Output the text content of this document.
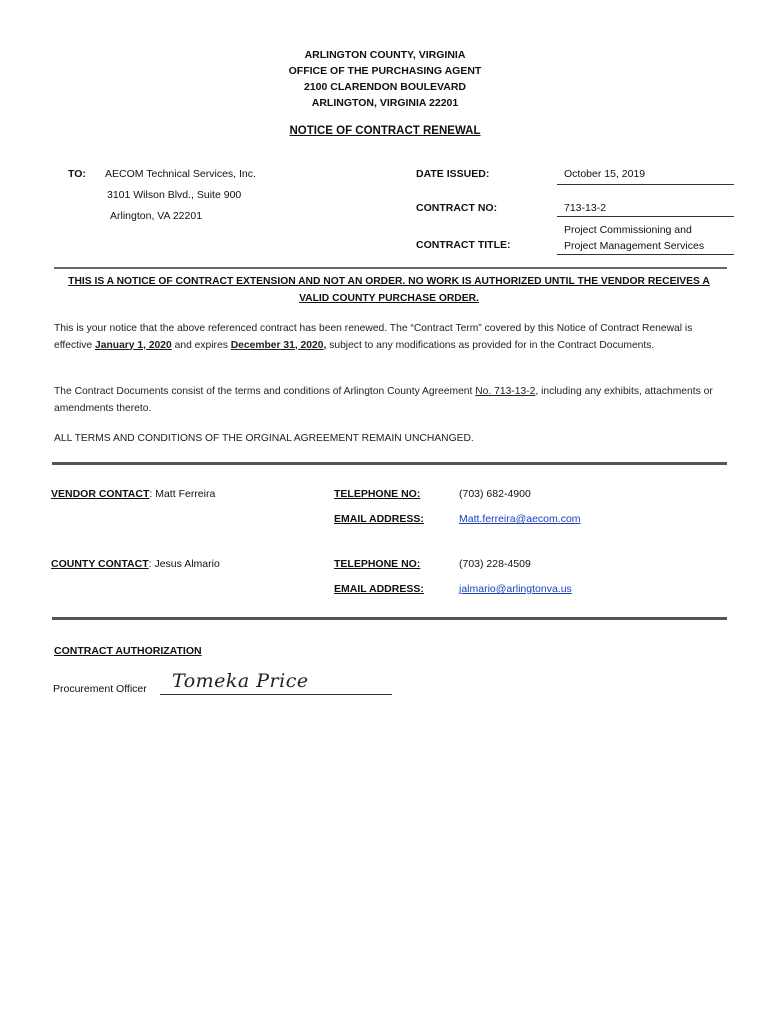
ARLINGTON COUNTY, VIRGINIA
OFFICE OF THE PURCHASING AGENT
2100 CLARENDON BOULEVARD
ARLINGTON, VIRGINIA 22201
NOTICE OF CONTRACT RENEWAL
TO: AECOM Technical Services, Inc.
3101 Wilson Blvd., Suite 900
Arlington, VA 22201
DATE ISSUED:	October 15, 2019
CONTRACT NO:	713-13-2
CONTRACT TITLE:
Project Commissioning and
Project Management Services
THIS IS A NOTICE OF CONTRACT EXTENSION AND NOT AN ORDER. NO WORK IS AUTHORIZED UNTIL THE VENDOR RECEIVES A
VALID COUNTY PURCHASE ORDER.
This is your notice that the above referenced contract has been renewed. The “Contract Term” covered by this Notice of Contract Renewal is effective January 1, 2020 and expires December 31, 2020, subject to any modifications as provided for in the Contract Documents.
The Contract Documents consist of the terms and conditions of Arlington County Agreement No. 713-13-2, including any exhibits, attachments or amendments thereto.
ALL TERMS AND CONDITIONS OF THE ORGINAL AGREEMENT REMAIN UNCHANGED.
VENDOR CONTACT: Matt Ferreira	TELEPHONE NO:	(703) 682-4900
EMAIL ADDRESS:	Matt.ferreira@aecom.com
COUNTY CONTACT: Jesus Almario	TELEPHONE NO:	(703) 228-4509
EMAIL ADDRESS:	jalmario@arlingtonva.us
CONTRACT AUTHORIZATION
Procurement Officer Tomeka Price
